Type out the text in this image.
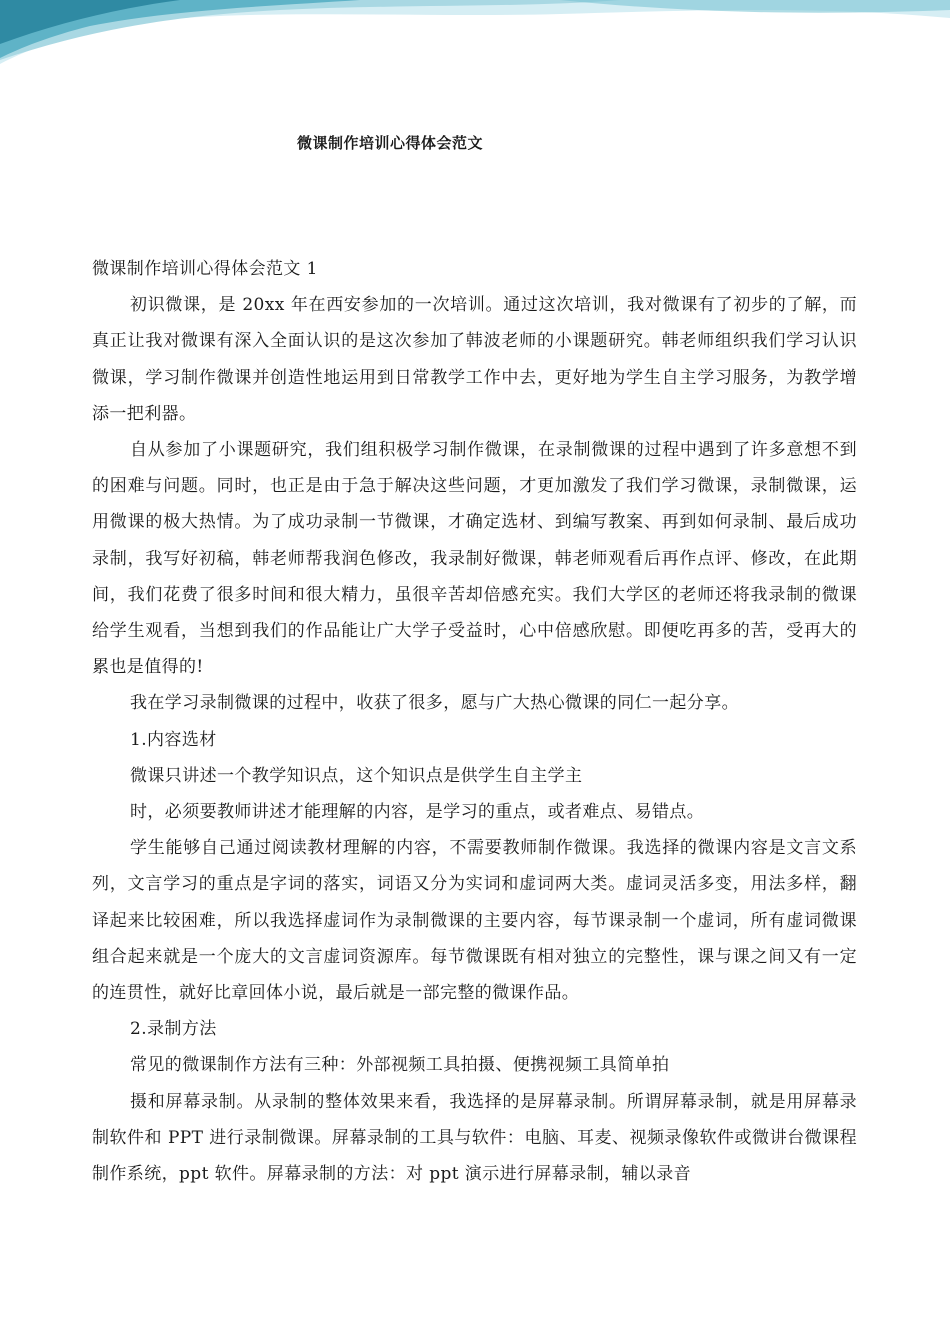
微课制作培训心得体会范文

微课制作培训心得体会范文 1

初识微课，是 20xx 年在西安参加的一次培训。通过这次培训，我对微课有了初步的了解，而真正让我对微课有深入全面认识的是这次参加了韩波老师的小课题研究。韩老师组织我们学习认识微课，学习制作微课并创造性地运用到日常教学工作中去，更好地为学生自主学习服务，为教学增添一把利器。

自从参加了小课题研究，我们组积极学习制作微课，在录制微课的过程中遇到了许多意想不到的困难与问题。同时，也正是由于急于解决这些问题，才更加激发了我们学习微课，录制微课，运用微课的极大热情。为了成功录制一节微课，才确定选材、到编写教案、再到如何录制、最后成功录制，我写好初稿，韩老师帮我润色修改，我录制好微课，韩老师观看后再作点评、修改，在此期间，我们花费了很多时间和很大精力，虽很辛苦却倍感充实。我们大学区的老师还将我录制的微课给学生观看，当想到我们的作品能让广大学子受益时，心中倍感欣慰。即便吃再多的苦，受再大的累也是值得的!

我在学习录制微课的过程中，收获了很多，愿与广大热心微课的同仁一起分享。

1.内容选材

微课只讲述一个教学知识点，这个知识点是供学生自主学主

时，必须要教师讲述才能理解的内容，是学习的重点，或者难点、易错点。

学生能够自己通过阅读教材理解的内容，不需要教师制作微课。我选择的微课内容是文言文系列，文言学习的重点是字词的落实，词语又分为实词和虚词两大类。虚词灵活多变，用法多样，翻译起来比较困难，所以我选择虚词作为录制微课的主要内容，每节课录制一个虚词，所有虚词微课组合起来就是一个庞大的文言虚词资源库。每节微课既有相对独立的完整性，课与课之间又有一定的连贯性，就好比章回体小说，最后就是一部完整的微课作品。

2.录制方法

常见的微课制作方法有三种：外部视频工具拍摄、便携视频工具简单拍

摄和屏幕录制。从录制的整体效果来看，我选择的是屏幕录制。所谓屏幕录制，就是用屏幕录制软件和 PPT 进行录制微课。屏幕录制的工具与软件：电脑、耳麦、视频录像软件或微讲台微课程制作系统，ppt 软件。屏幕录制的方法：对 ppt 演示进行屏幕录制，辅以录音
